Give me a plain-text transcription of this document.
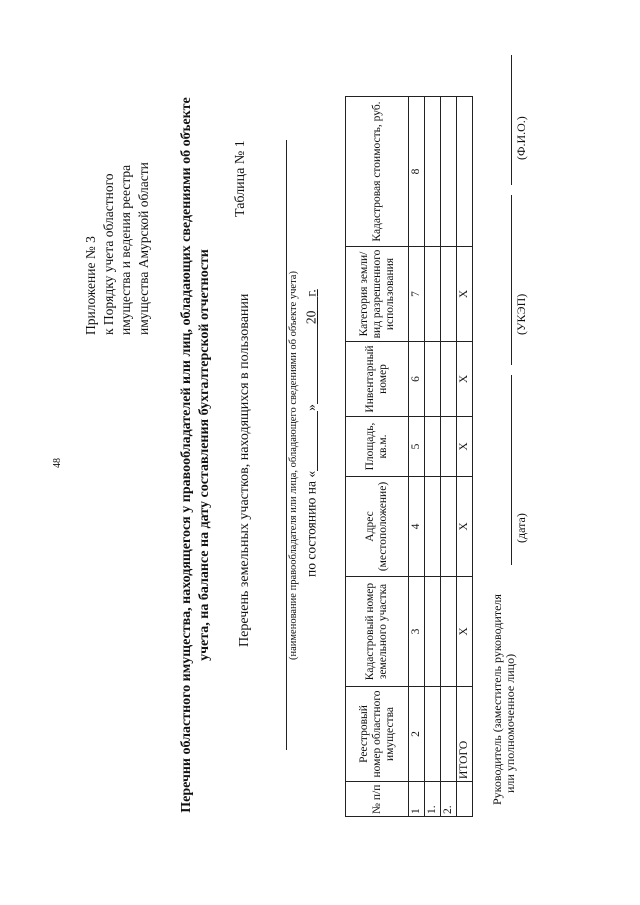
48
Приложение № 3 к Порядку учета областного имущества и ведения реестра имущества Амурской области Перечни областного имущества, находящегося у правообладателей или лиц, обладающих сведениями об объекте учета, на балансе на дату составления бухгалтерской отчетности
Таблица № 1
Перечень земельных участков, находящихся в пользовании	(наименование правообладателя или лица, обладающего сведениями об объекте учета) по состоянию на «»20г.
№ п/п	Реестровый номер областного имущества	Кадастровый номер земельного участка	Адрес (местоположение)	Площадь, кв.м.	Инвентарный номер	Категория земли/ вид разрешенного использования	Кадастровая стоимость, руб.
1	2	3	4	5	6	7	8
1.							
2.							
	ИТОГО	X	X	X	X	X	
Руководитель (заместитель руководителя или уполномоченное лицо)
(дата)
(УКЭП)
(Ф.И.О.)
